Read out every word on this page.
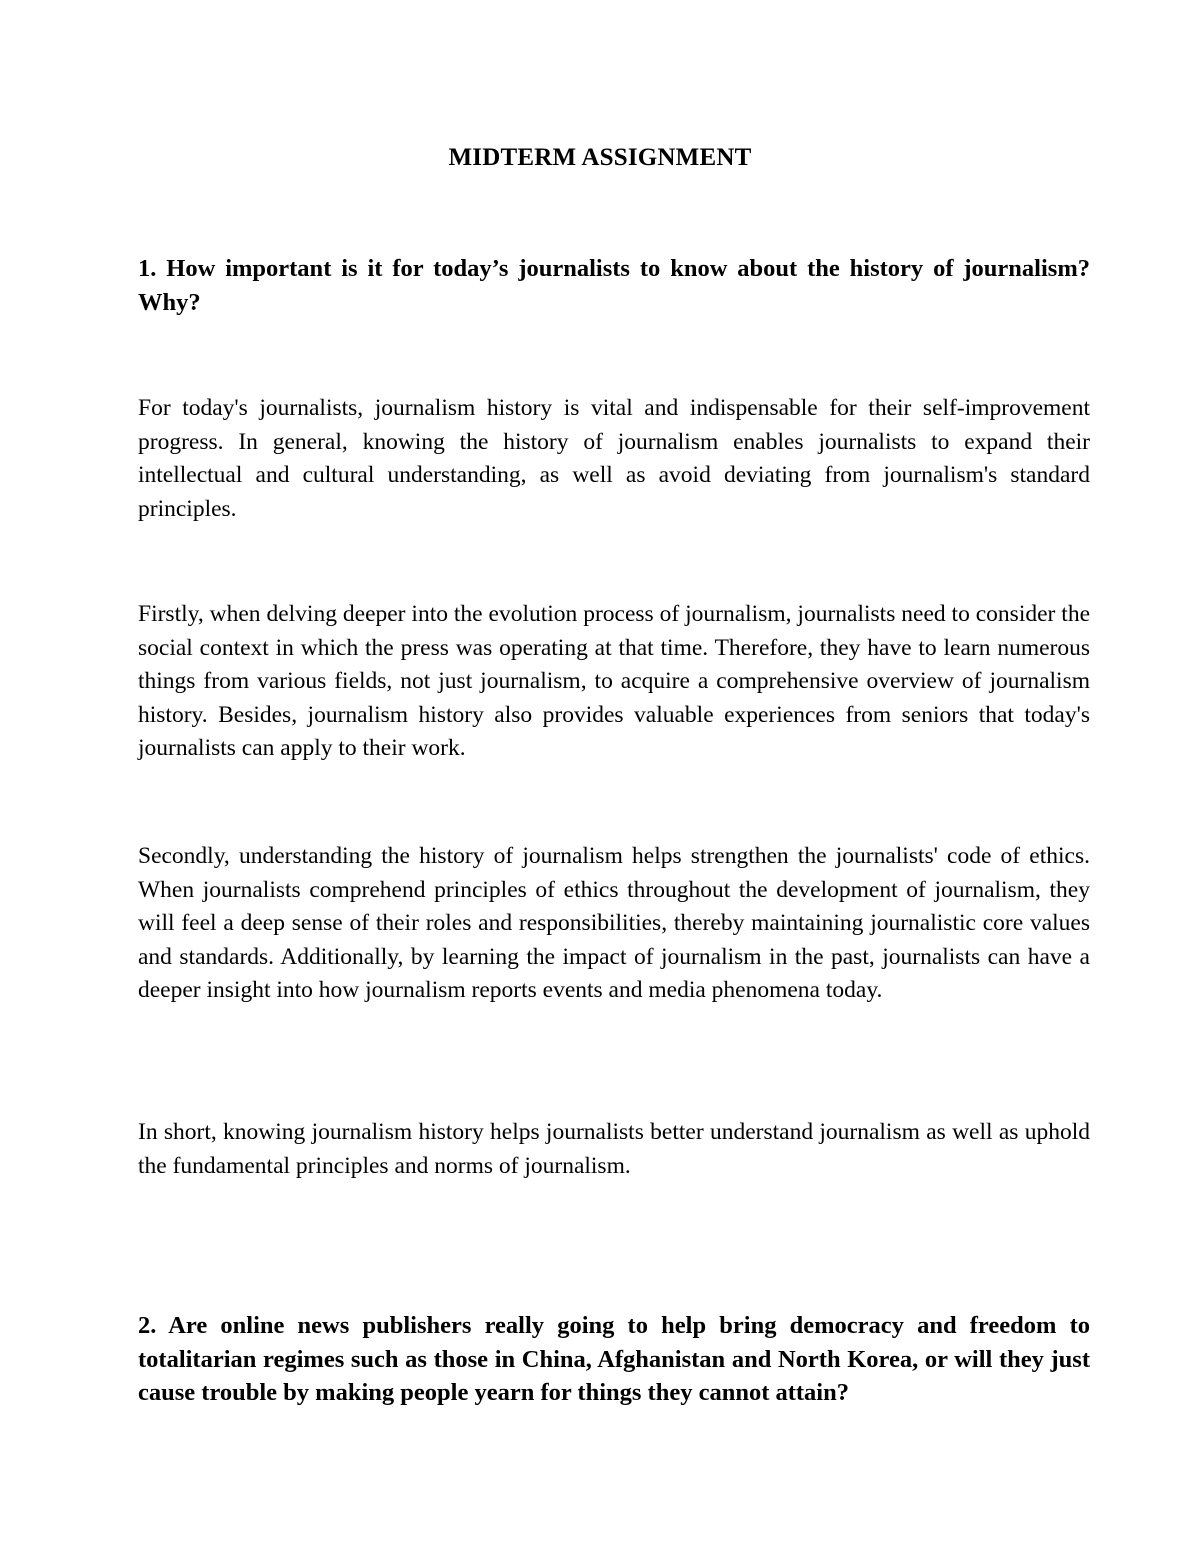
MIDTERM ASSIGNMENT

1. How important is it for today’s journalists to know about the history of journalism? Why?

For today's journalists, journalism history is vital and indispensable for their self-improvement progress. In general, knowing the history of journalism enables journalists to expand their intellectual and cultural understanding, as well as avoid deviating from journalism's standard principles.

Firstly, when delving deeper into the evolution process of journalism, journalists need to consider the social context in which the press was operating at that time. Therefore, they have to learn numerous things from various fields, not just journalism, to acquire a comprehensive overview of journalism history. Besides, journalism history also provides valuable experiences from seniors that today's journalists can apply to their work.

Secondly, understanding the history of journalism helps strengthen the journalists' code of ethics. When journalists comprehend principles of ethics throughout the development of journalism, they will feel a deep sense of their roles and responsibilities, thereby maintaining journalistic core values and standards. Additionally, by learning the impact of journalism in the past, journalists can have a deeper insight into how journalism reports events and media phenomena today.

In short, knowing journalism history helps journalists better understand journalism as well as uphold the fundamental principles and norms of journalism.

2. Are online news publishers really going to help bring democracy and freedom to totalitarian regimes such as those in China, Afghanistan and North Korea, or will they just cause trouble by making people yearn for things they cannot attain?
